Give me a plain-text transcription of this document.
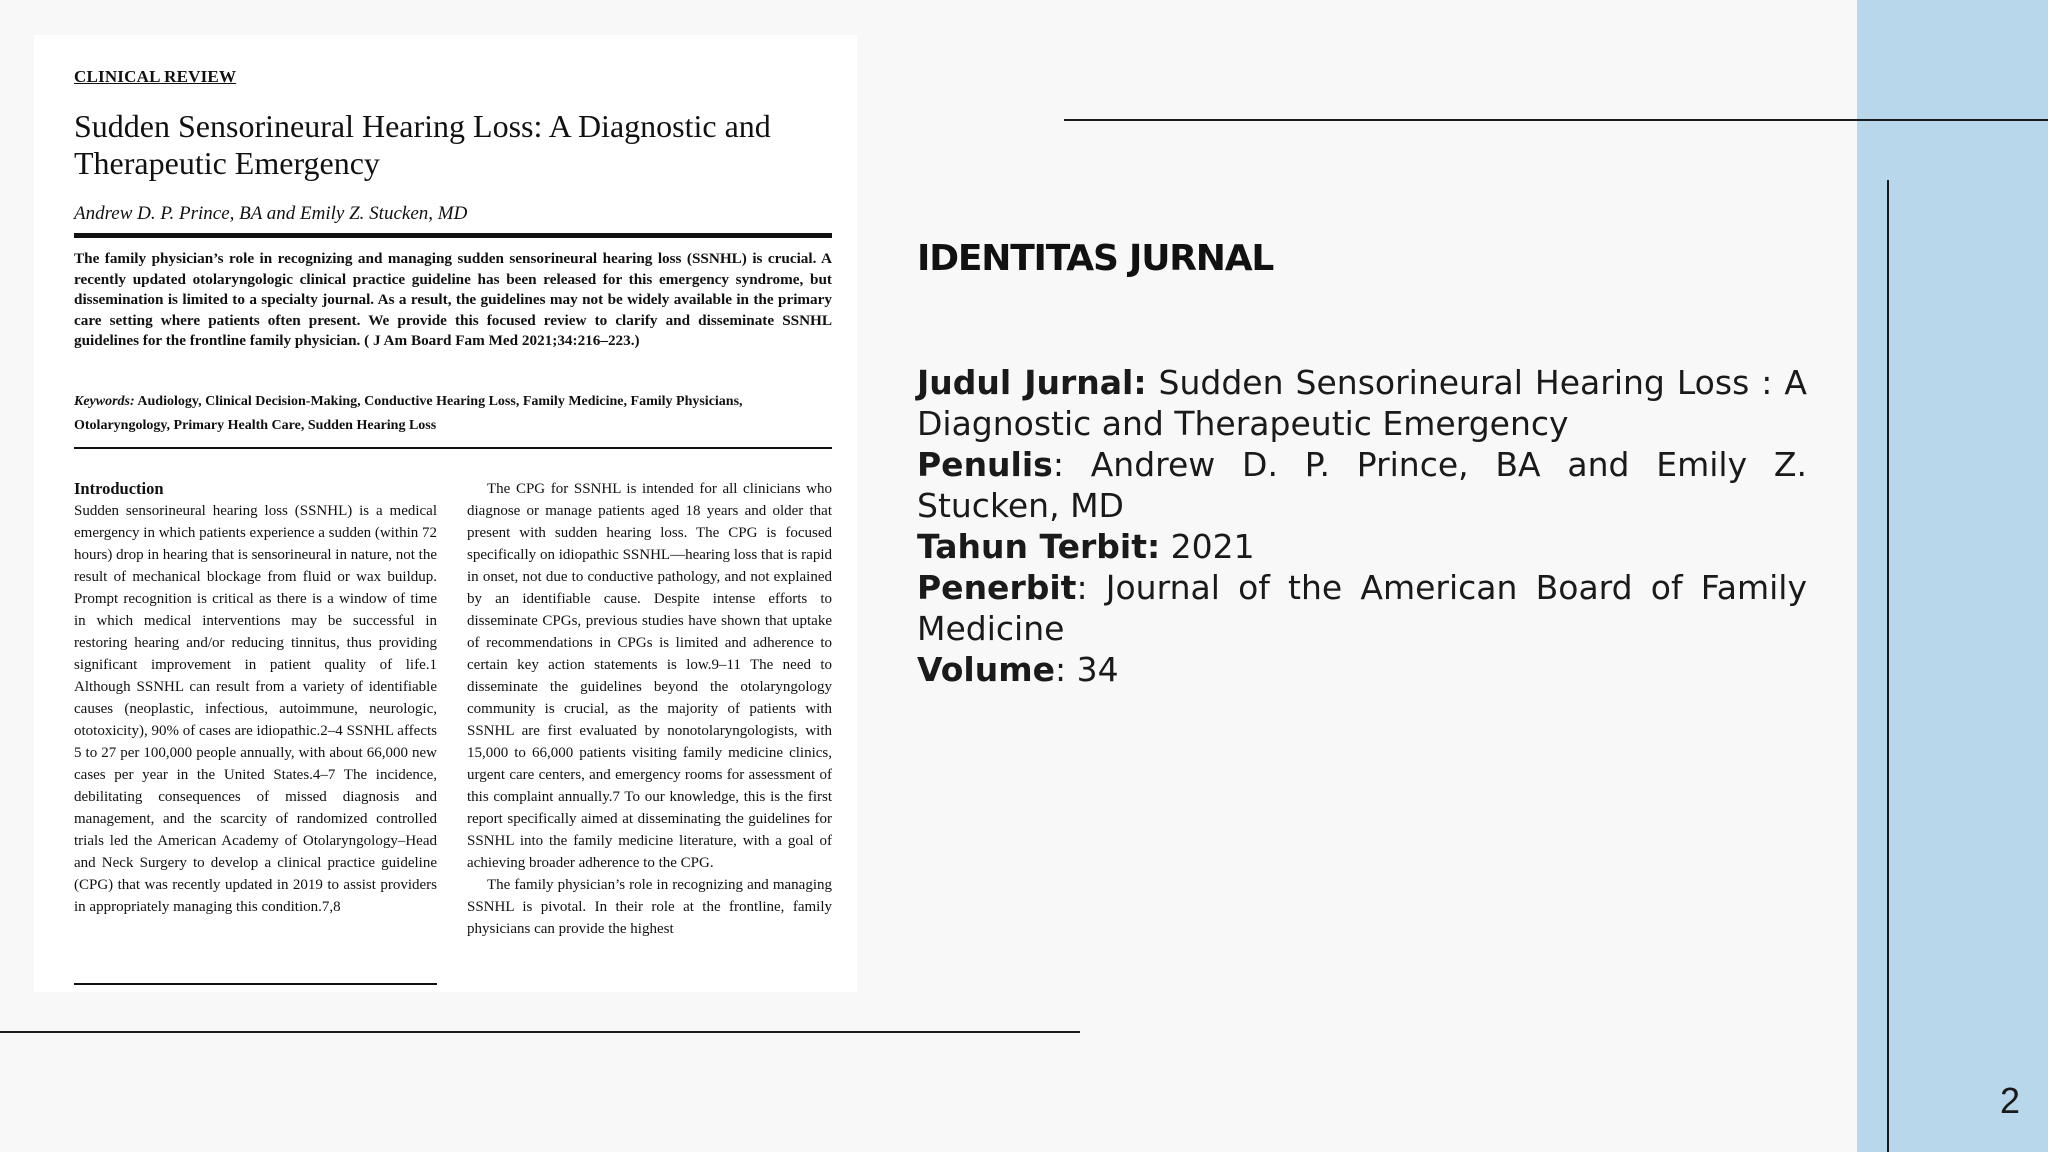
CLINICAL REVIEW
Sudden Sensorineural Hearing Loss: A Diagnostic and Therapeutic Emergency
Andrew D. P. Prince, BA and Emily Z. Stucken, MD
The family physician’s role in recognizing and managing sudden sensorineural hearing loss (SSNHL) is crucial. A recently updated otolaryngologic clinical practice guideline has been released for this emergency syndrome, but dissemination is limited to a specialty journal. As a result, the guidelines may not be widely available in the primary care setting where patients often present. We provide this focused review to clarify and disseminate SSNHL guidelines for the frontline family physician. ( J Am Board Fam Med 2021;34:216–223.)
Keywords: Audiology, Clinical Decision-Making, Conductive Hearing Loss, Family Medicine, Family Physicians, Otolaryngology, Primary Health Care, Sudden Hearing Loss
Introduction

Sudden sensorineural hearing loss (SSNHL) is a medical emergency in which patients experience a sudden (within 72 hours) drop in hearing that is sensorineural in nature, not the result of mechanical blockage from fluid or wax buildup. Prompt recognition is critical as there is a window of time in which medical interventions may be successful in restoring hearing and/or reducing tinnitus, thus providing significant improvement in patient quality of life.1 Although SSNHL can result from a variety of identifiable causes (neoplastic, infectious, autoimmune, neurologic, ototoxicity), 90% of cases are idiopathic.2–4 SSNHL affects 5 to 27 per 100,000 people annually, with about 66,000 new cases per year in the United States.4–7 The incidence, debilitating consequences of missed diagnosis and management, and the scarcity of randomized controlled trials led the American Academy of Otolaryngology–Head and Neck Surgery to develop a clinical practice guideline (CPG) that was recently updated in 2019 to assist providers in appropriately managing this condition.7,8

The CPG for SSNHL is intended for all clinicians who diagnose or manage patients aged 18 years and older that present with sudden hearing loss. The CPG is focused specifically on idiopathic SSNHL—hearing loss that is rapid in onset, not due to conductive pathology, and not explained by an identifiable cause. Despite intense efforts to disseminate CPGs, previous studies have shown that uptake of recommendations in CPGs is limited and adherence to certain key action statements is low.9–11 The need to disseminate the guidelines beyond the otolaryngology community is crucial, as the majority of patients with SSNHL are first evaluated by nonotolaryngologists, with 15,000 to 66,000 patients visiting family medicine clinics, urgent care centers, and emergency rooms for assessment of this complaint annually.7 To our knowledge, this is the first report specifically aimed at disseminating the guidelines for SSNHL into the family medicine literature, with a goal of achieving broader adherence to the CPG.

The family physician’s role in recognizing and managing SSNHL is pivotal. In their role at the frontline, family physicians can provide the highest

IDENTITAS JURNAL

Judul Jurnal: Sudden Sensorineural Hearing Loss : A Diagnostic and Therapeutic Emergency

Penulis: Andrew D. P. Prince, BA and Emily Z. Stucken, MD

Tahun Terbit: 2021

Penerbit: Journal of the American Board of Family Medicine

Volume: 34

2
